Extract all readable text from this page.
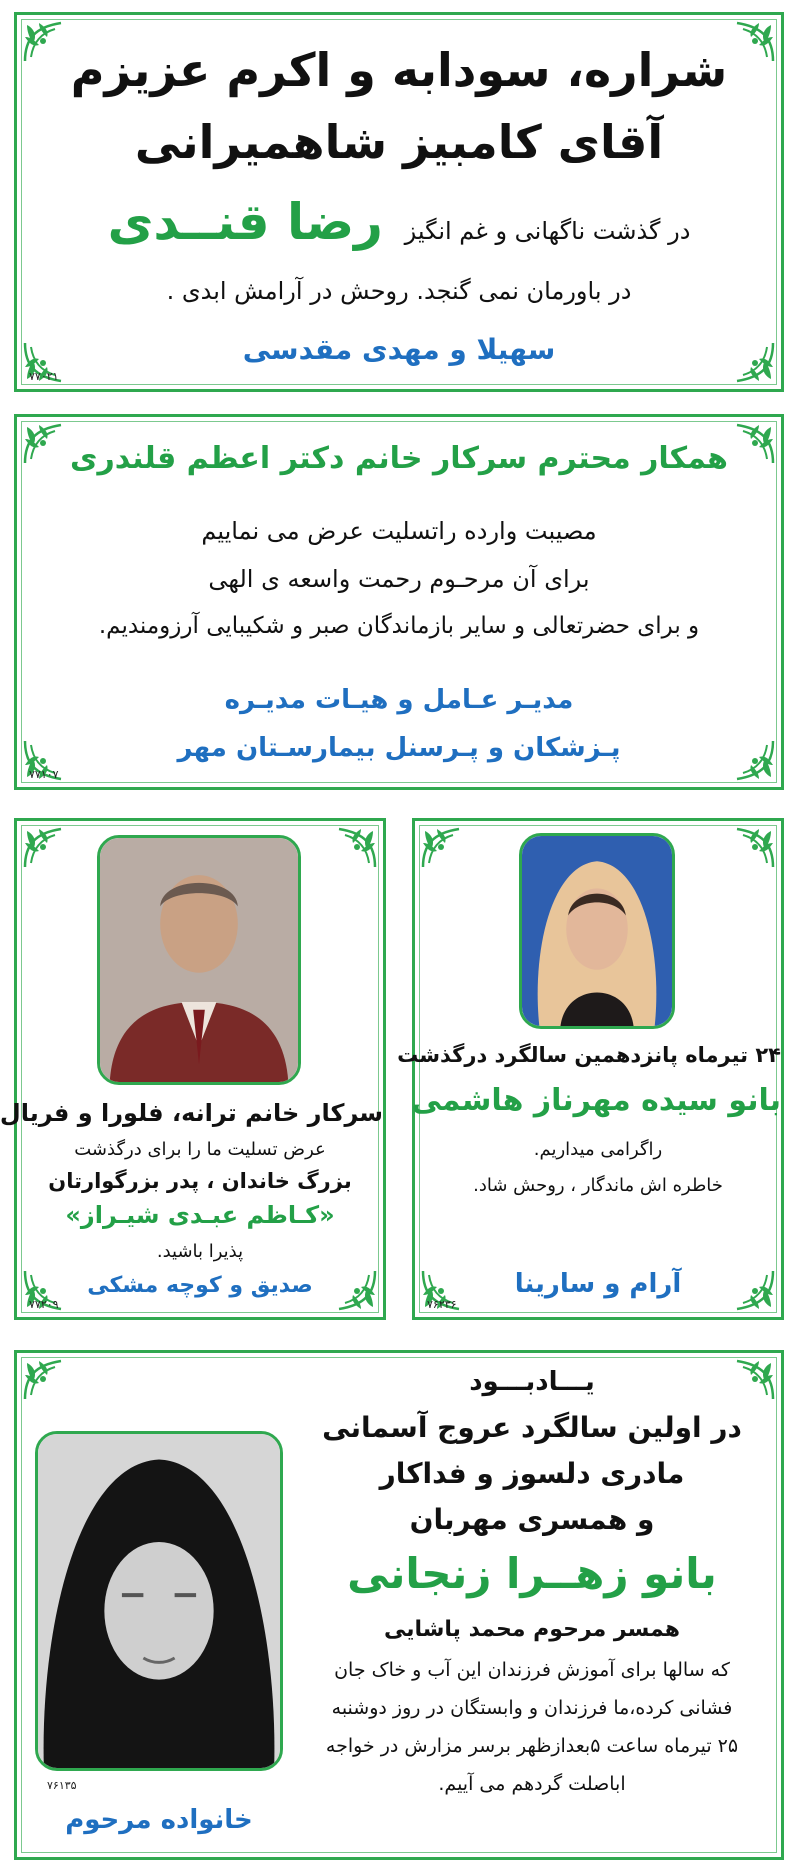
شراره، سودابه و اکرم عزیزم
آقای کامبیز شاهمیرانی
در گذشت ناگهانی و غم انگیز رضا قنــدی
در باورمان نمی گنجد. روحش در آرامش ابدی .
سهیلا و مهدی مقدسی
۷۷۰۲۱
همکار محترم سرکار خانم دکتر اعظم قلندری
مصیبت وارده راتسلیت عرض می نماییم
برای آن مرحـوم رحمت واسعه ی الهی
و برای حضرتعالی و سایر بازماندگان صبر و شکیبایی آرزومندیم.
مدیـر عـامل و هیـات مدیـره
پـزشکان و پـرسنل بیمارسـتان مهر
۷۷۱۰۷
سرکار خانم ترانه، فلورا و فریال
عرض تسلیت ما را برای درگذشت
بزرگ خاندان ، پدر بزرگوارتان
«کـاظم عبـدی شیـراز»
پذیرا باشید.
صدیق و کوچه مشکی
۷۷۲۰۹
۲۴ تیرماه پانزدهمین سالگرد درگذشت
بانو سیده مهرناز هاشمی
راگرامی میداریم.
خاطره اش ماندگار ، روحش شاد.
آرام و سارینا
۷۶۲۳۶
یـــادبـــود
در اولین سالگرد عروج آسمانی
مادری دلسوز و فداکار
و همسری مهربان
بانو زهــرا زنجانی
همسر مرحوم محمد پاشایی
که سالها برای آموزش فرزندان این آب و خاک جان
فشانی کرده،ما فرزندان و وابستگان در روز دوشنبه
۲۵ تیرماه ساعت ۵بعدازظهر برسر مزارش در خواجه
اباصلت گردهم می آییم.
۷۶۱۳۵
خانواده مرحوم
